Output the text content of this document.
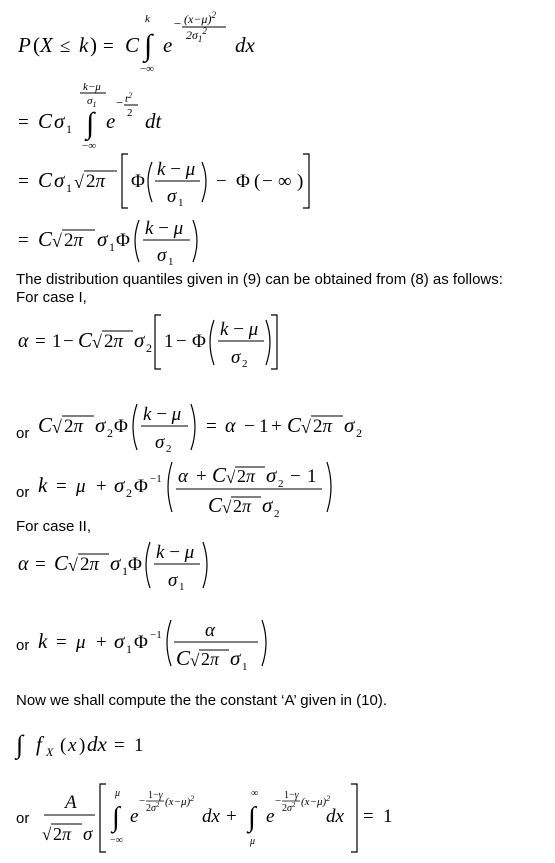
P ( X ≤ k ) = C
k
∫
−∞
e
− $(x-\mu)^2$
$2\sigma_1^2$
dx
k−μ
$\sigma_1$
= C σ 1 ∫
−∞
e
− $t^2$
2 dt
= C σ 1 √ 2π Φ
k − μ
σ 1
− Φ ( − ∞ )
= C √ 2π σ 1 Φ
k − μ
σ 1
The distribution quantiles given in (9) can be obtained from (8) as follows:
For case I,
α = 1 − C √ 2π σ 2 1 − Φ
k − μ
σ 2
or C √ 2π σ 2 Φ
k − μ
σ 2
= α − 1 + C √ 2π σ 2
or k = μ + σ 2 Φ −1 α + C √ 2π σ 2 − 1
C √ 2π σ 2
For case II,
α = C √ 2π σ 1 Φ
k − μ
σ 1
or k = μ + σ 1 Φ −1 α
C √ 2π σ 1
Now we shall compute the the constant ‘A’ given in (10).
∫ f X ( x ) dx = 1
or
A
√ 2π σ
μ
∫
−∞
e
− 1−γ
$2\sigma^2$ $(x-\mu)^2$
dx +
∞
∫
μ
e
− 1−γ
$2\sigma^2$ $(x-\mu)^2$
dx = 1
